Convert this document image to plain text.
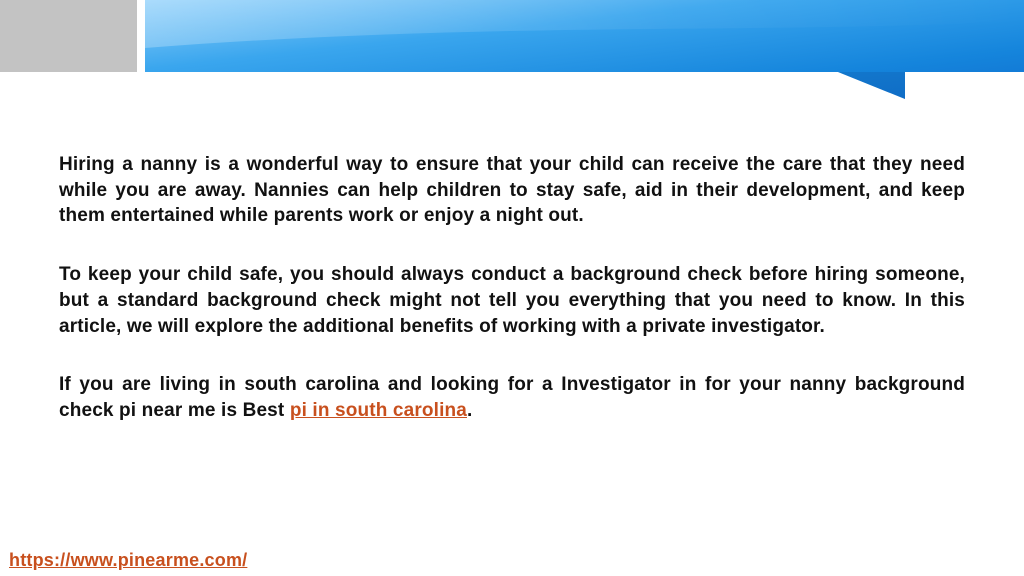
Hiring a nanny is a wonderful way to ensure that your child can receive the care that they need while you are away. Nannies can help children to stay safe, aid in their development, and keep them entertained while parents work or enjoy a night out.

To keep your child safe, you should always conduct a background check before hiring someone, but a standard background check might not tell you everything that you need to know. In this article, we will explore the additional benefits of working with a private investigator.

If you are living in south carolina and looking for a Investigator in for your nanny background check pi near me is Best pi in south carolina.

https://www.pinearme.com/
